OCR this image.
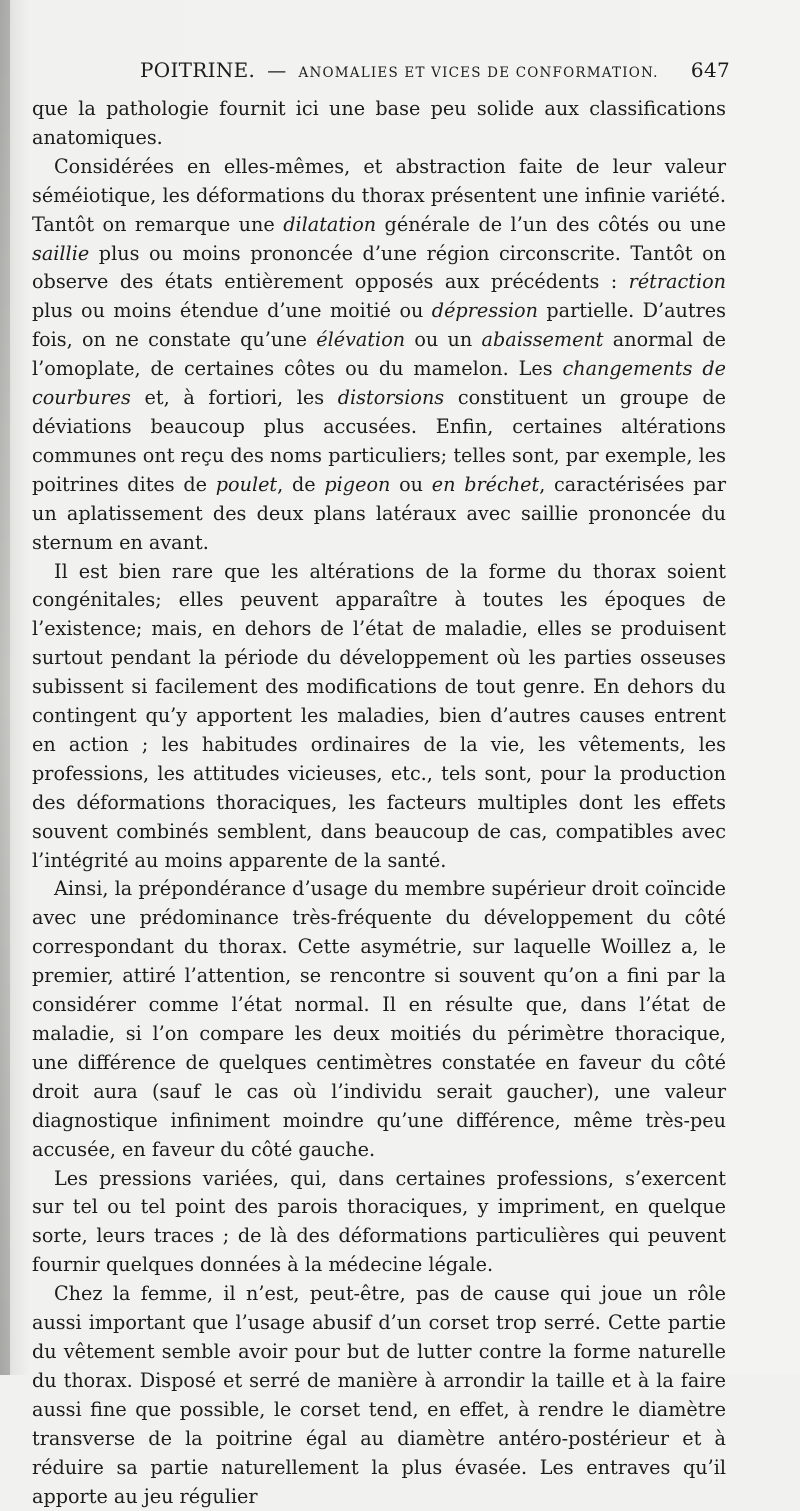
POITRINE. — ANOMALIES ET VICES DE CONFORMATION.	647

que la pathologie fournit ici une base peu solide aux classifications anatomiques.

Considérées en elles-mêmes, et abstraction faite de leur valeur séméiotique, les déformations du thorax présentent une infinie variété. Tantôt on remarque une dilatation générale de l’un des côtés ou une saillie plus ou moins prononcée d’une région circonscrite. Tantôt on observe des états entièrement opposés aux précédents : rétraction plus ou moins étendue d’une moitié ou dépression partielle. D’autres fois, on ne constate qu’une élévation ou un abaissement anormal de l’omoplate, de certaines côtes ou du mamelon. Les changements de courbures et, à fortiori, les distorsions constituent un groupe de déviations beaucoup plus accusées. Enfin, certaines altérations communes ont reçu des noms particuliers; telles sont, par exemple, les poitrines dites de poulet, de pigeon ou en bréchet, caractérisées par un aplatissement des deux plans latéraux avec saillie prononcée du sternum en avant.

Il est bien rare que les altérations de la forme du thorax soient congénitales; elles peuvent apparaître à toutes les époques de l’existence; mais, en dehors de l’état de maladie, elles se produisent surtout pendant la période du développement où les parties osseuses subissent si facilement des modifications de tout genre. En dehors du contingent qu’y apportent les maladies, bien d’autres causes entrent en action ; les habitudes ordinaires de la vie, les vêtements, les professions, les attitudes vicieuses, etc., tels sont, pour la production des déformations thoraciques, les facteurs multiples dont les effets souvent combinés semblent, dans beaucoup de cas, compatibles avec l’intégrité au moins apparente de la santé.

Ainsi, la prépondérance d’usage du membre supérieur droit coïncide avec une prédominance très-fréquente du développement du côté correspondant du thorax. Cette asymétrie, sur laquelle Woillez a, le premier, attiré l’attention, se rencontre si souvent qu’on a fini par la considérer comme l’état normal. Il en résulte que, dans l’état de maladie, si l’on compare les deux moitiés du périmètre thoracique, une différence de quelques centimètres constatée en faveur du côté droit aura (sauf le cas où l’individu serait gaucher), une valeur diagnostique infiniment moindre qu’une différence, même très-peu accusée, en faveur du côté gauche.

Les pressions variées, qui, dans certaines professions, s’exercent sur tel ou tel point des parois thoraciques, y impriment, en quelque sorte, leurs traces ; de là des déformations particulières qui peuvent fournir quelques données à la médecine légale.

Chez la femme, il n’est, peut-être, pas de cause qui joue un rôle aussi important que l’usage abusif d’un corset trop serré. Cette partie du vêtement semble avoir pour but de lutter contre la forme naturelle du thorax. Disposé et serré de manière à arrondir la taille et à la faire aussi fine que possible, le corset tend, en effet, à rendre le diamètre transverse de la poitrine égal au diamètre antéro-postérieur et à réduire sa partie naturellement la plus évasée. Les entraves qu’il apporte au jeu régulier
